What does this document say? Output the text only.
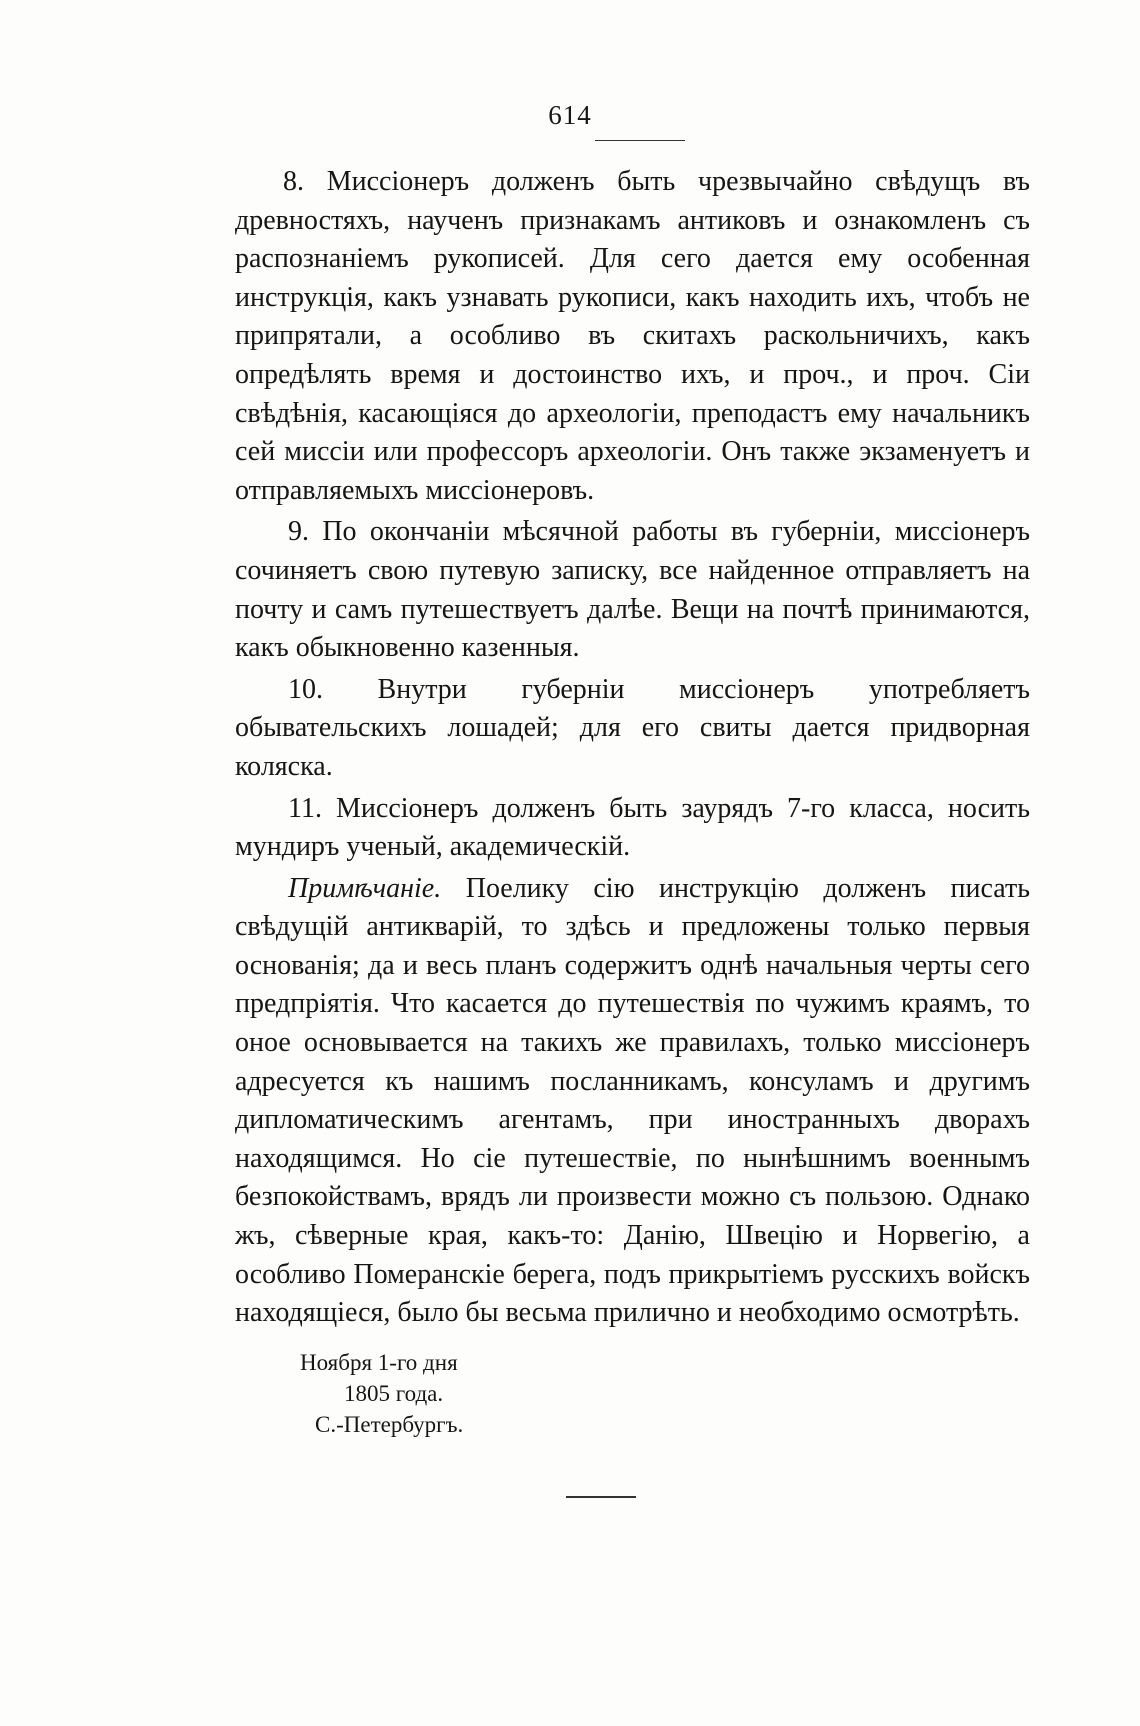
614

8. Миссіонеръ долженъ быть чрезвычайно свѣдущъ въ древностяхъ, наученъ признакамъ антиковъ и ознакомленъ съ распознаніемъ рукописей. Для сего дается ему особенная инструкція, какъ узнавать рукописи, какъ находить ихъ, чтобъ не припрятали, а особливо въ скитахъ раскольничихъ, какъ опредѣлять время и достоинство ихъ, и проч., и проч. Сіи свѣдѣнія, касающіяся до археологіи, преподастъ ему начальникъ сей миссіи или профессоръ археологіи. Онъ также экзаменуетъ и отправляемыхъ миссіонеровъ.

9. По окончаніи мѣсячной работы въ губерніи, миссіонеръ сочиняетъ свою путевую записку, все найденное отправляетъ на почту и самъ путешествуетъ далѣе. Вещи на почтѣ принимаются, какъ обыкновенно казенныя.

10. Внутри губерніи миссіонеръ употребляетъ обывательскихъ лошадей; для его свиты дается придворная коляска.

11. Миссіонеръ долженъ быть заурядъ 7-го класса, носить мундиръ ученый, академическій.

Примѣчаніе. Поелику сію инструкцію долженъ писать свѣдущій антикварій, то здѣсь и предложены только первыя основанія; да и весь планъ содержитъ однѣ начальныя черты сего предпріятія. Что касается до путешествія по чужимъ краямъ, то оное основывается на такихъ же правилахъ, только миссіонеръ адресуется къ нашимъ посланникамъ, консуламъ и другимъ дипломатическимъ агентамъ, при иностранныхъ дворахъ находящимся. Но сіе путешествіе, по нынѣшнимъ военнымъ безпокойствамъ, врядъ ли произвести можно съ пользою. Однако жъ, сѣверные края, какъ-то: Данію, Швецію и Норвегію, а особливо Померанскіе берега, подъ прикрытіемъ русскихъ войскъ находящіеся, было бы весьма прилично и необходимо осмотрѣть.

Ноября 1-го дня
1805 года.
С.-Петербургъ.
